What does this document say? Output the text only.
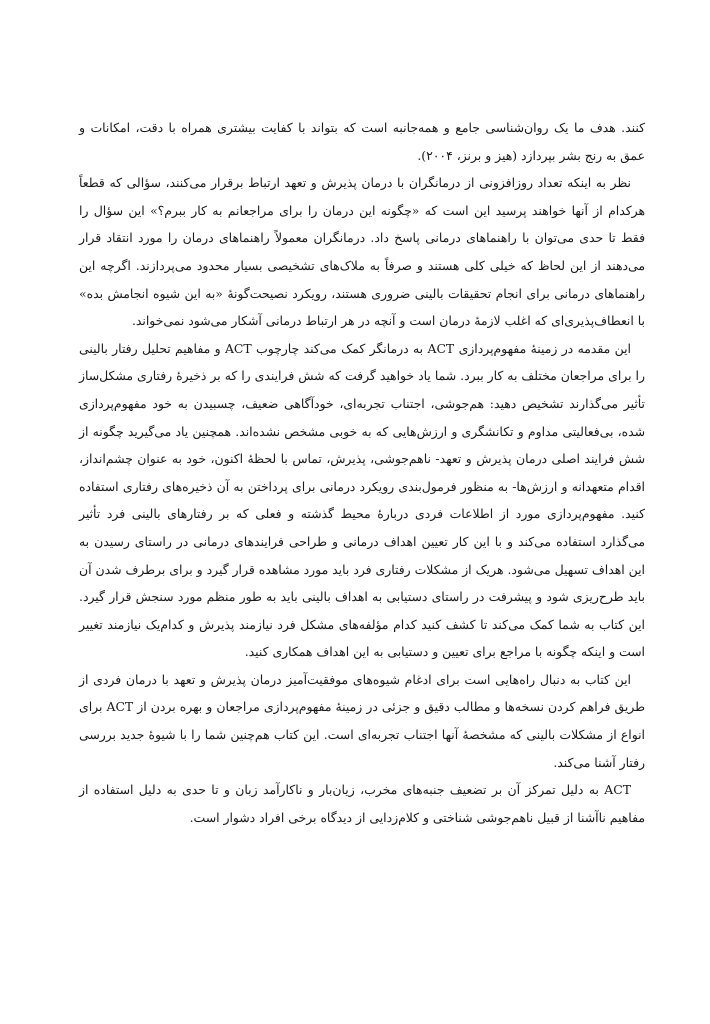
کنند. هدف ما یک روان‌شناسی جامع و همه‌جانبه است که بتواند با کفایت بیشتری همراه با دقت، امکانات و عمق به رنج بشر بپردازد (هیز و برنز، ۲۰۰۴).

نظر به اینکه تعداد روزافزونی از درمانگران با درمان پذیرش و تعهد ارتباط برقرار می‌کنند، سؤالی که قطعاً هرکدام از آنها خواهند پرسید این است که «چگونه این درمان را برای مراجعانم به کار ببرم؟» این سؤال را فقط تا حدی می‌توان با راهنماهای درمانی پاسخ داد. درمانگران معمولاً راهنماهای درمان را مورد انتقاد قرار می‌دهند از این لحاظ که خیلی کلی هستند و صرفاً به ملاک‌های تشخیصی بسیار محدود می‌پردازند. اگرچه این راهنماهای درمانی برای انجام تحقیقات بالینی ضروری هستند، رویکرد نصیحت‌گونهٔ «به این شیوه انجامش بده» با انعطاف‌پذیری‌ای که اغلب لازمهٔ درمان است و آنچه در هر ارتباط درمانی آشکار می‌شود نمی‌خواند.

این مقدمه در زمینهٔ مفهوم‌پردازی ACT به درمانگر کمک می‌کند چارچوب ACT و مفاهیم تحلیل رفتار بالینی را برای مراجعان مختلف به کار ببرد. شما یاد خواهید گرفت که شش فرایندی را که بر ذخیرهٔ رفتاری مشکل‌ساز تأثیر می‌گذارند تشخیص دهید: هم‌جوشی، اجتناب تجربه‌ای، خودآگاهی ضعیف، چسبیدن به خود مفهوم‌پردازی شده، بی‌فعالیتی مداوم و تکانشگری و ارزش‌هایی که به خوبی مشخص نشده‌اند. همچنین یاد می‌گیرید چگونه از شش فرایند اصلی درمان پذیرش و تعهد- ناهم‌جوشی، پذیرش، تماس با لحظهٔ اکنون، خود به عنوان چشم‌انداز، اقدام متعهدانه و ارزش‌ها- به منظور فرمول‌بندی رویکرد درمانی برای پرداختن به آن ذخیره‌های رفتاری استفاده کنید. مفهوم‌پردازی مورد از اطلاعات فردی دربارهٔ محیط گذشته و فعلی که بر رفتارهای بالینی فرد تأثیر می‌گذارد استفاده می‌کند و با این کار تعیین اهداف درمانی و طراحی فرایندهای درمانی در راستای رسیدن به این اهداف تسهیل می‌شود. هریک از مشکلات رفتاری فرد باید مورد مشاهده قرار گیرد و برای برطرف شدن آن باید طرح‌ریزی شود و پیشرفت در راستای دستیابی به اهداف بالینی باید به طور منظم مورد سنجش قرار گیرد. این کتاب به شما کمک می‌کند تا کشف کنید کدام مؤلفه‌های مشکل فرد نیازمند پذیرش و کدام‌یک نیازمند تغییر است و اینکه چگونه با مراجع برای تعیین و دستیابی به این اهداف همکاری کنید.

این کتاب به دنبال راه‌هایی است برای ادغام شیوه‌های موفقیت‌آمیز درمان پذیرش و تعهد با درمان فردی از طریق فراهم کردن نسخه‌ها و مطالب دقیق و جزئی در زمینهٔ مفهوم‌پردازی مراجعان و بهره بردن از ACT برای انواع از مشکلات بالینی که مشخصهٔ آنها اجتناب تجربه‌ای است. این کتاب هم‌چنین شما را با شیوهٔ جدید بررسی رفتار آشنا می‌کند.

ACT به دلیل تمرکز آن بر تضعیف جنبه‌های مخرب، زیان‌بار و ناکارآمد زبان و تا حدی به دلیل استفاده از مفاهیم ناآشنا از قبیل ناهم‌جوشی شناختی و کلام‌زدایی از دیدگاه برخی افراد دشوار است.
